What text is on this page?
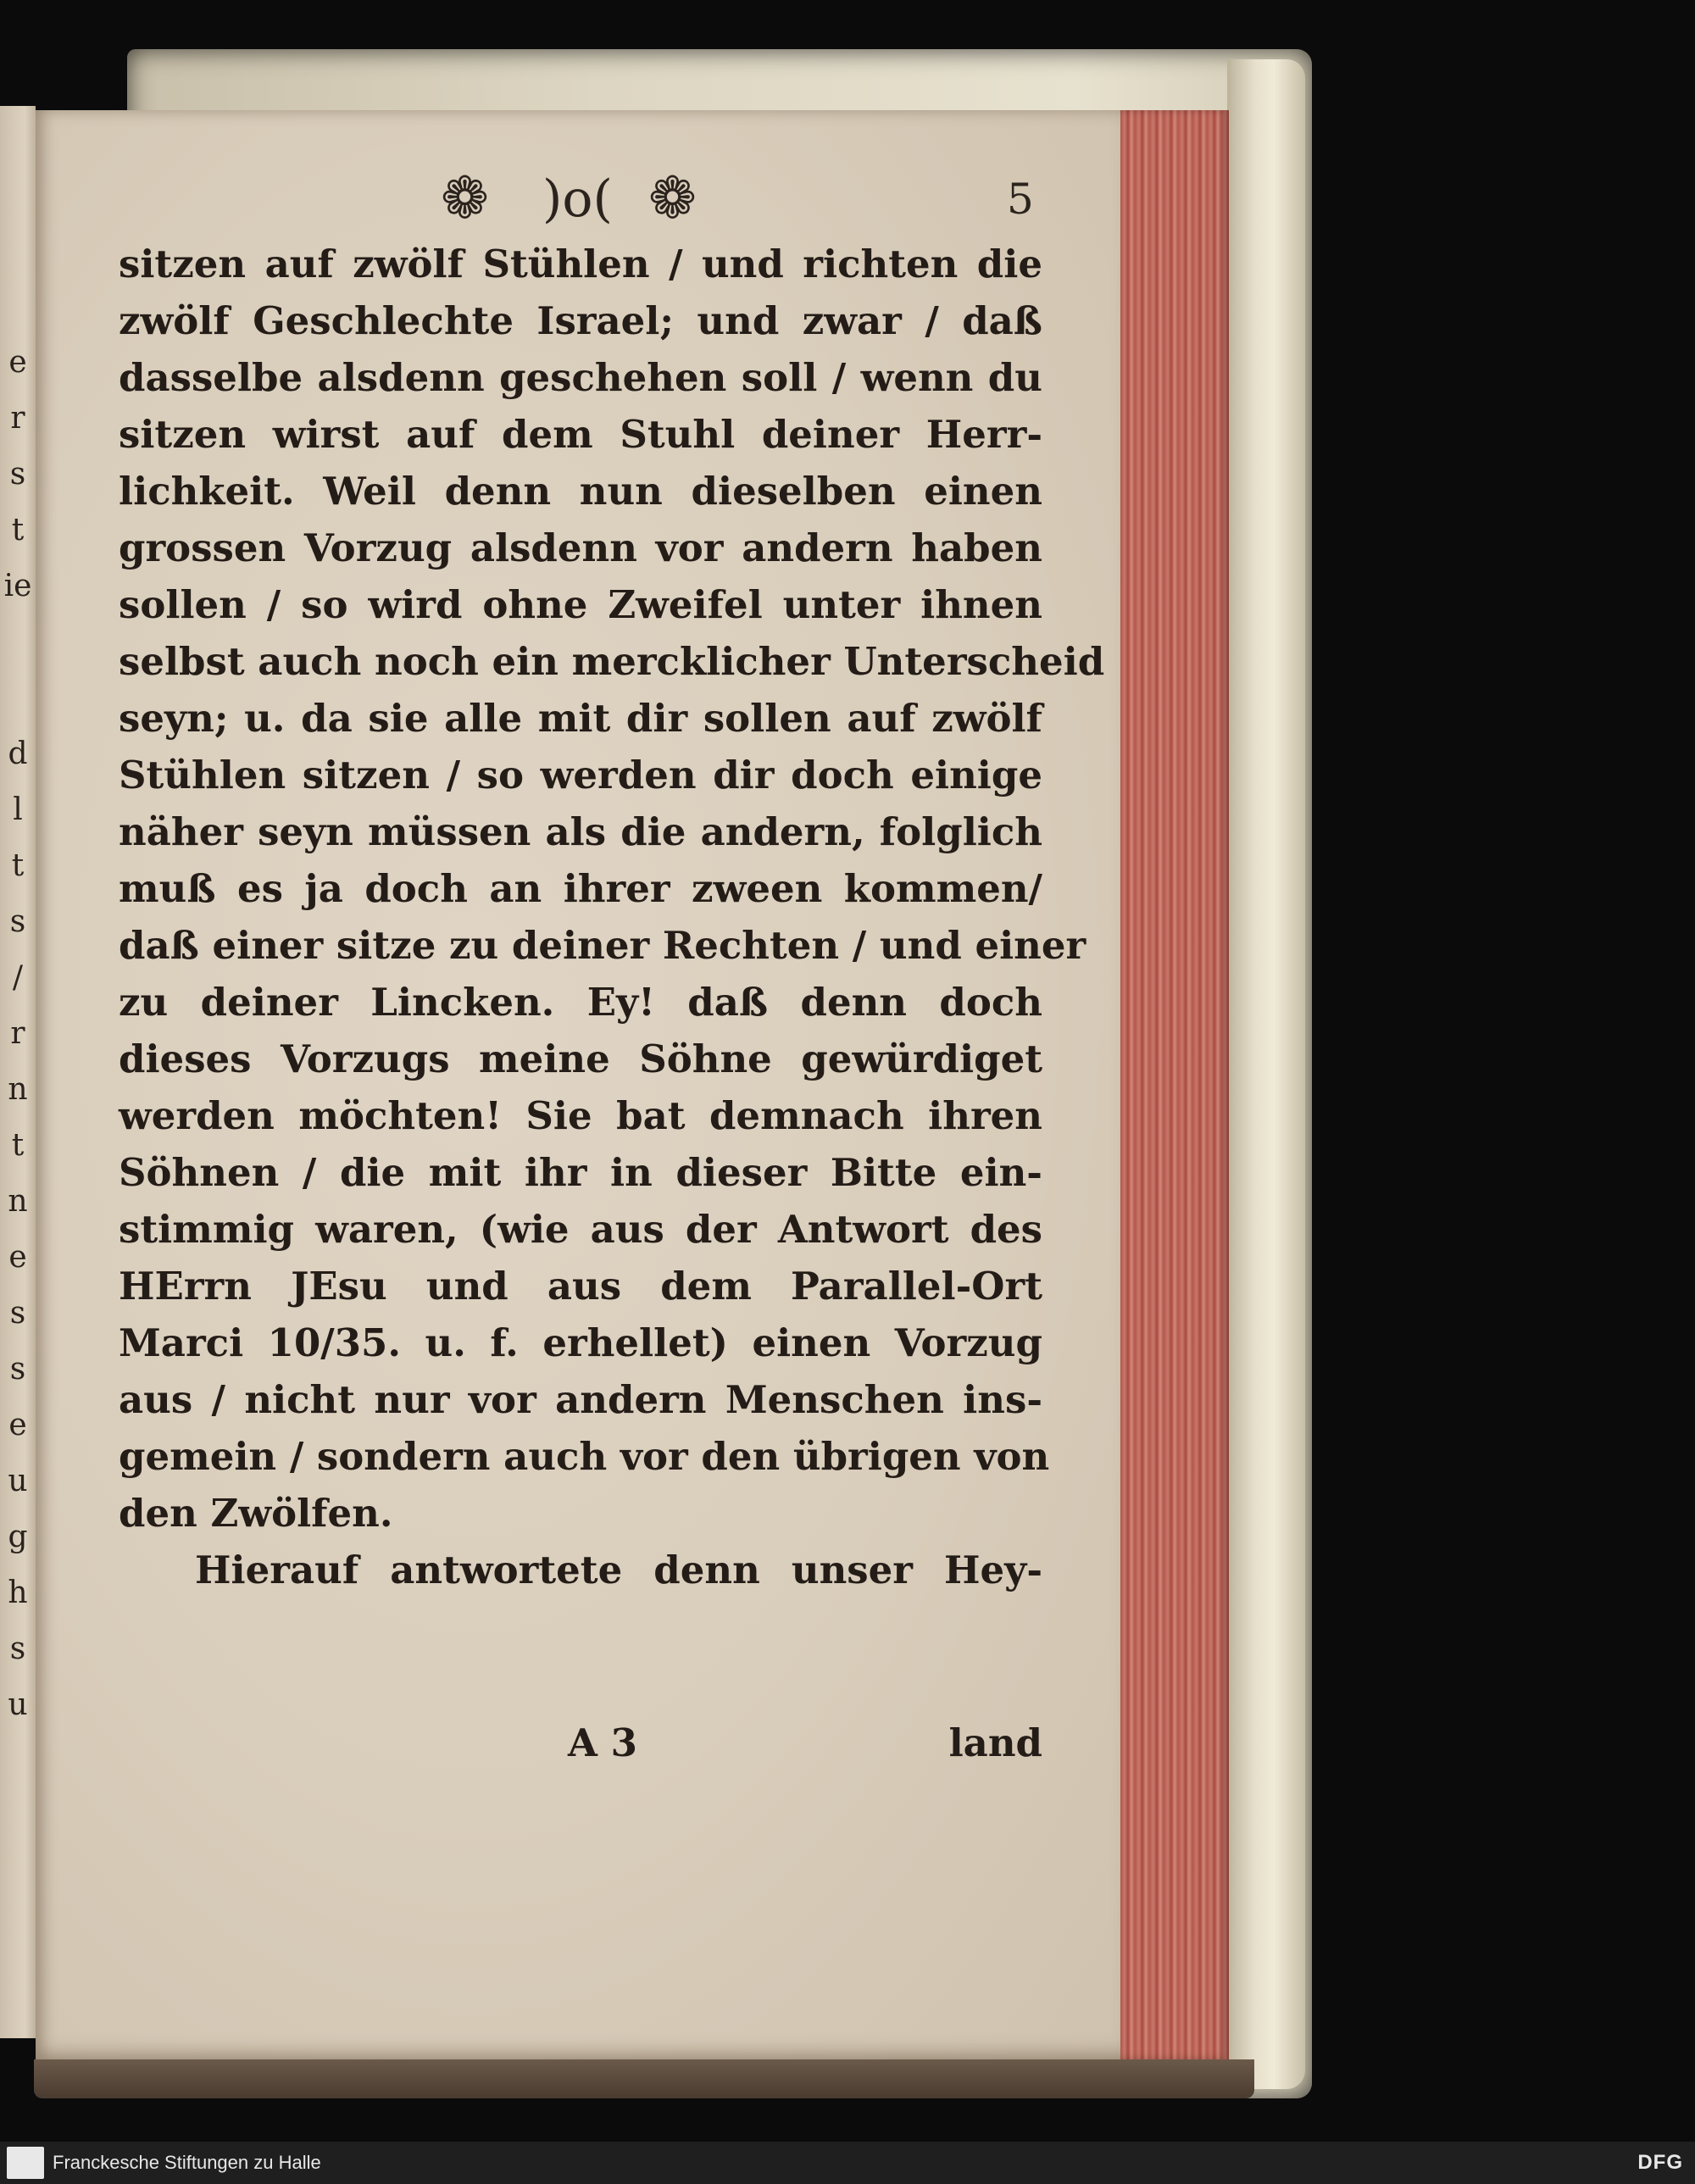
e
r
s
t
ie
d
l
t
s
/
r
n
t
n
e
s
s
e
u
g
h
s
u
❁ )o( ❁	5
sitzen auf zwölf Stühlen / und richten die
zwölf Geschlechte Israel; und zwar / daß
dasselbe alsdenn geschehen soll / wenn du
sitzen wirst auf dem Stuhl deiner Herr-
lichkeit. Weil denn nun dieselben einen
grossen Vorzug alsdenn vor andern haben
sollen / so wird ohne Zweifel unter ihnen
selbst auch noch ein mercklicher Unterscheid
seyn; u. da sie alle mit dir sollen auf zwölf
Stühlen sitzen / so werden dir doch einige
näher seyn müssen als die andern, folglich
muß es ja doch an ihrer zween kommen/
daß einer sitze zu deiner Rechten / und einer
zu deiner Lincken. Ey! daß denn doch
dieses Vorzugs meine Söhne gewürdiget
werden möchten! Sie bat demnach ihren
Söhnen / die mit ihr in dieser Bitte ein-
stimmig waren, (wie aus der Antwort des
HErrn JEsu und aus dem Parallel-Ort
Marci 10/35. u. f. erhellet) einen Vorzug
aus / nicht nur vor andern Menschen ins-
gemein / sondern auch vor den übrigen von
den Zwölfen.
Hierauf antwortete denn unser Hey-
A 3	land
Franckesche Stiftungen zu Halle	DFG
